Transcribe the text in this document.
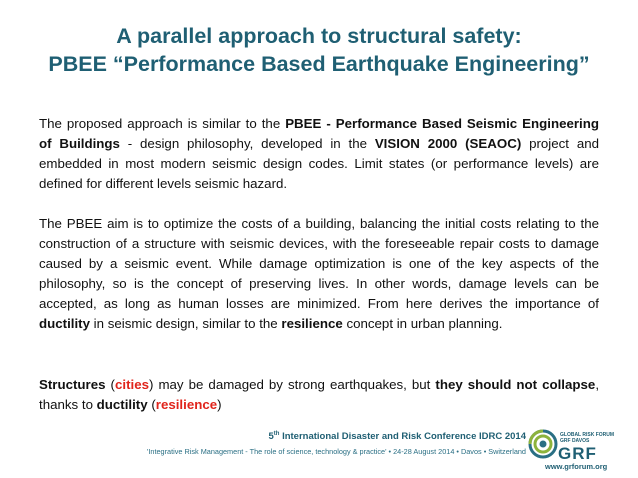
A parallel approach to structural safety:
PBEE “Performance Based Earthquake Engineering”
The proposed approach is similar to the PBEE - Performance Based Seismic Engineering of Buildings - design philosophy, developed in the VISION 2000 (SEAOC) project and embedded in most modern seismic design codes. Limit states (or performance levels) are defined for different levels seismic hazard.
The PBEE aim is to optimize the costs of a building, balancing the initial costs relating to the construction of a structure with seismic devices, with the foreseeable repair costs to damage caused by a seismic event. While damage optimization is one of the key aspects of the philosophy, so is the concept of preserving lives. In other words, damage levels can be accepted, as long as human losses are minimized. From here derives the importance of ductility in seismic design, similar to the resilience concept in urban planning.
Structures (cities) may be damaged by strong earthquakes, but they should not collapse, thanks to ductility (resilience)
5th International Disaster and Risk Conference IDRC 2014
'Integrative Risk Management - The role of science, technology & practice' • 24-28 August 2014 • Davos • Switzerland
GLOBAL RISK FORUM GRF DAVOS
GRF
www.grforum.org
